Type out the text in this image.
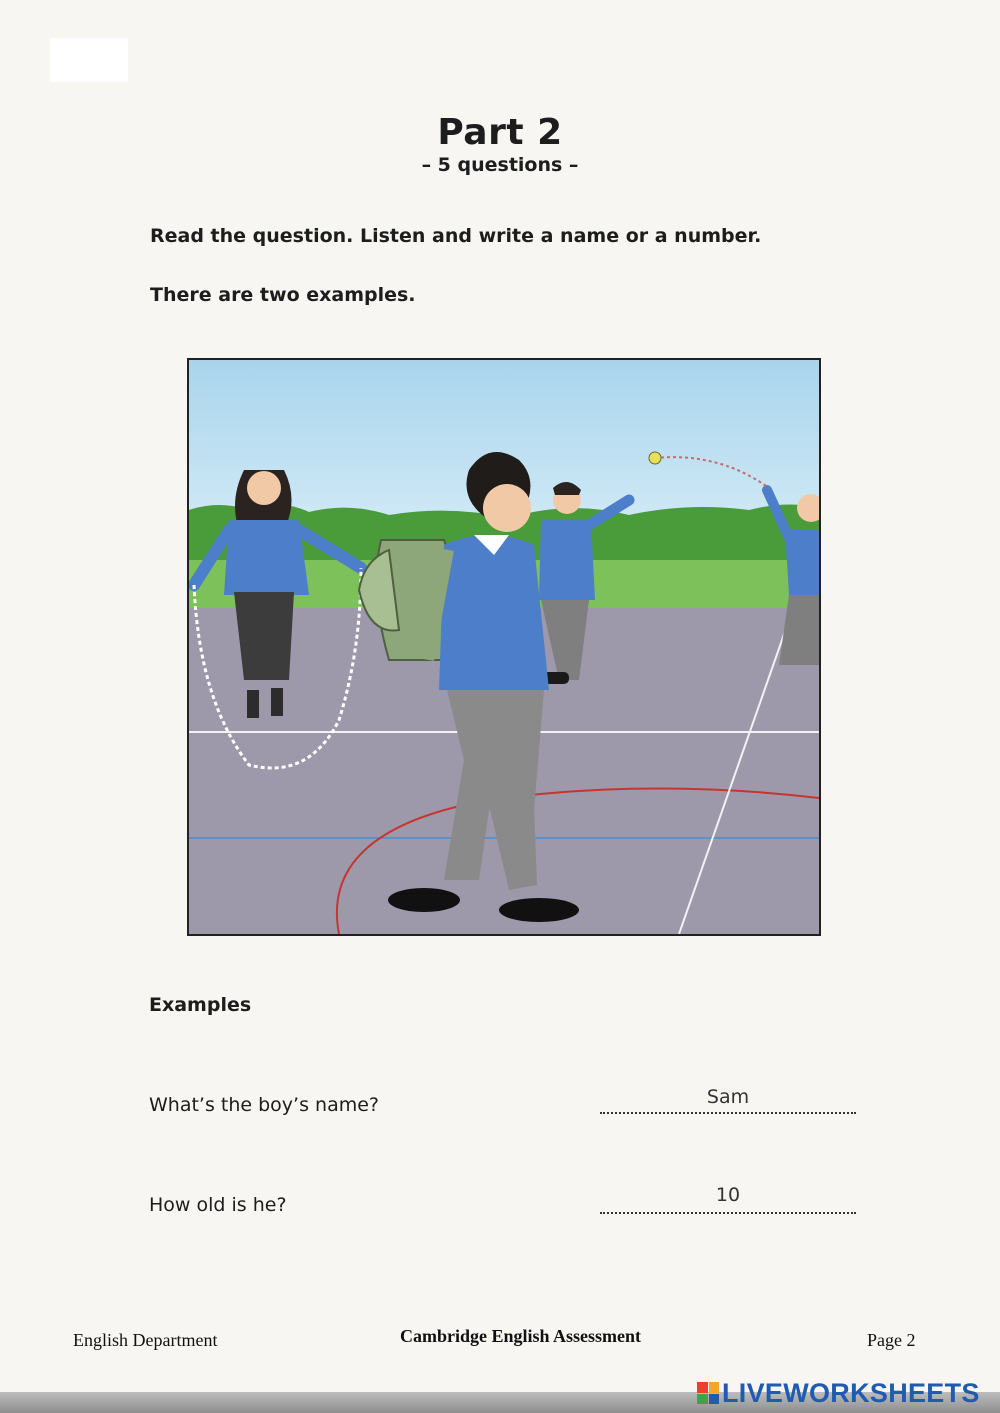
Part 2
– 5 questions –
Read the question. Listen and write a name or a number.
There are two examples.
Examples
What’s the boy’s name?	Sam
How old is he?	10
English Department	Cambridge English Assessment	Page 2
LIVEWORKSHEETS
